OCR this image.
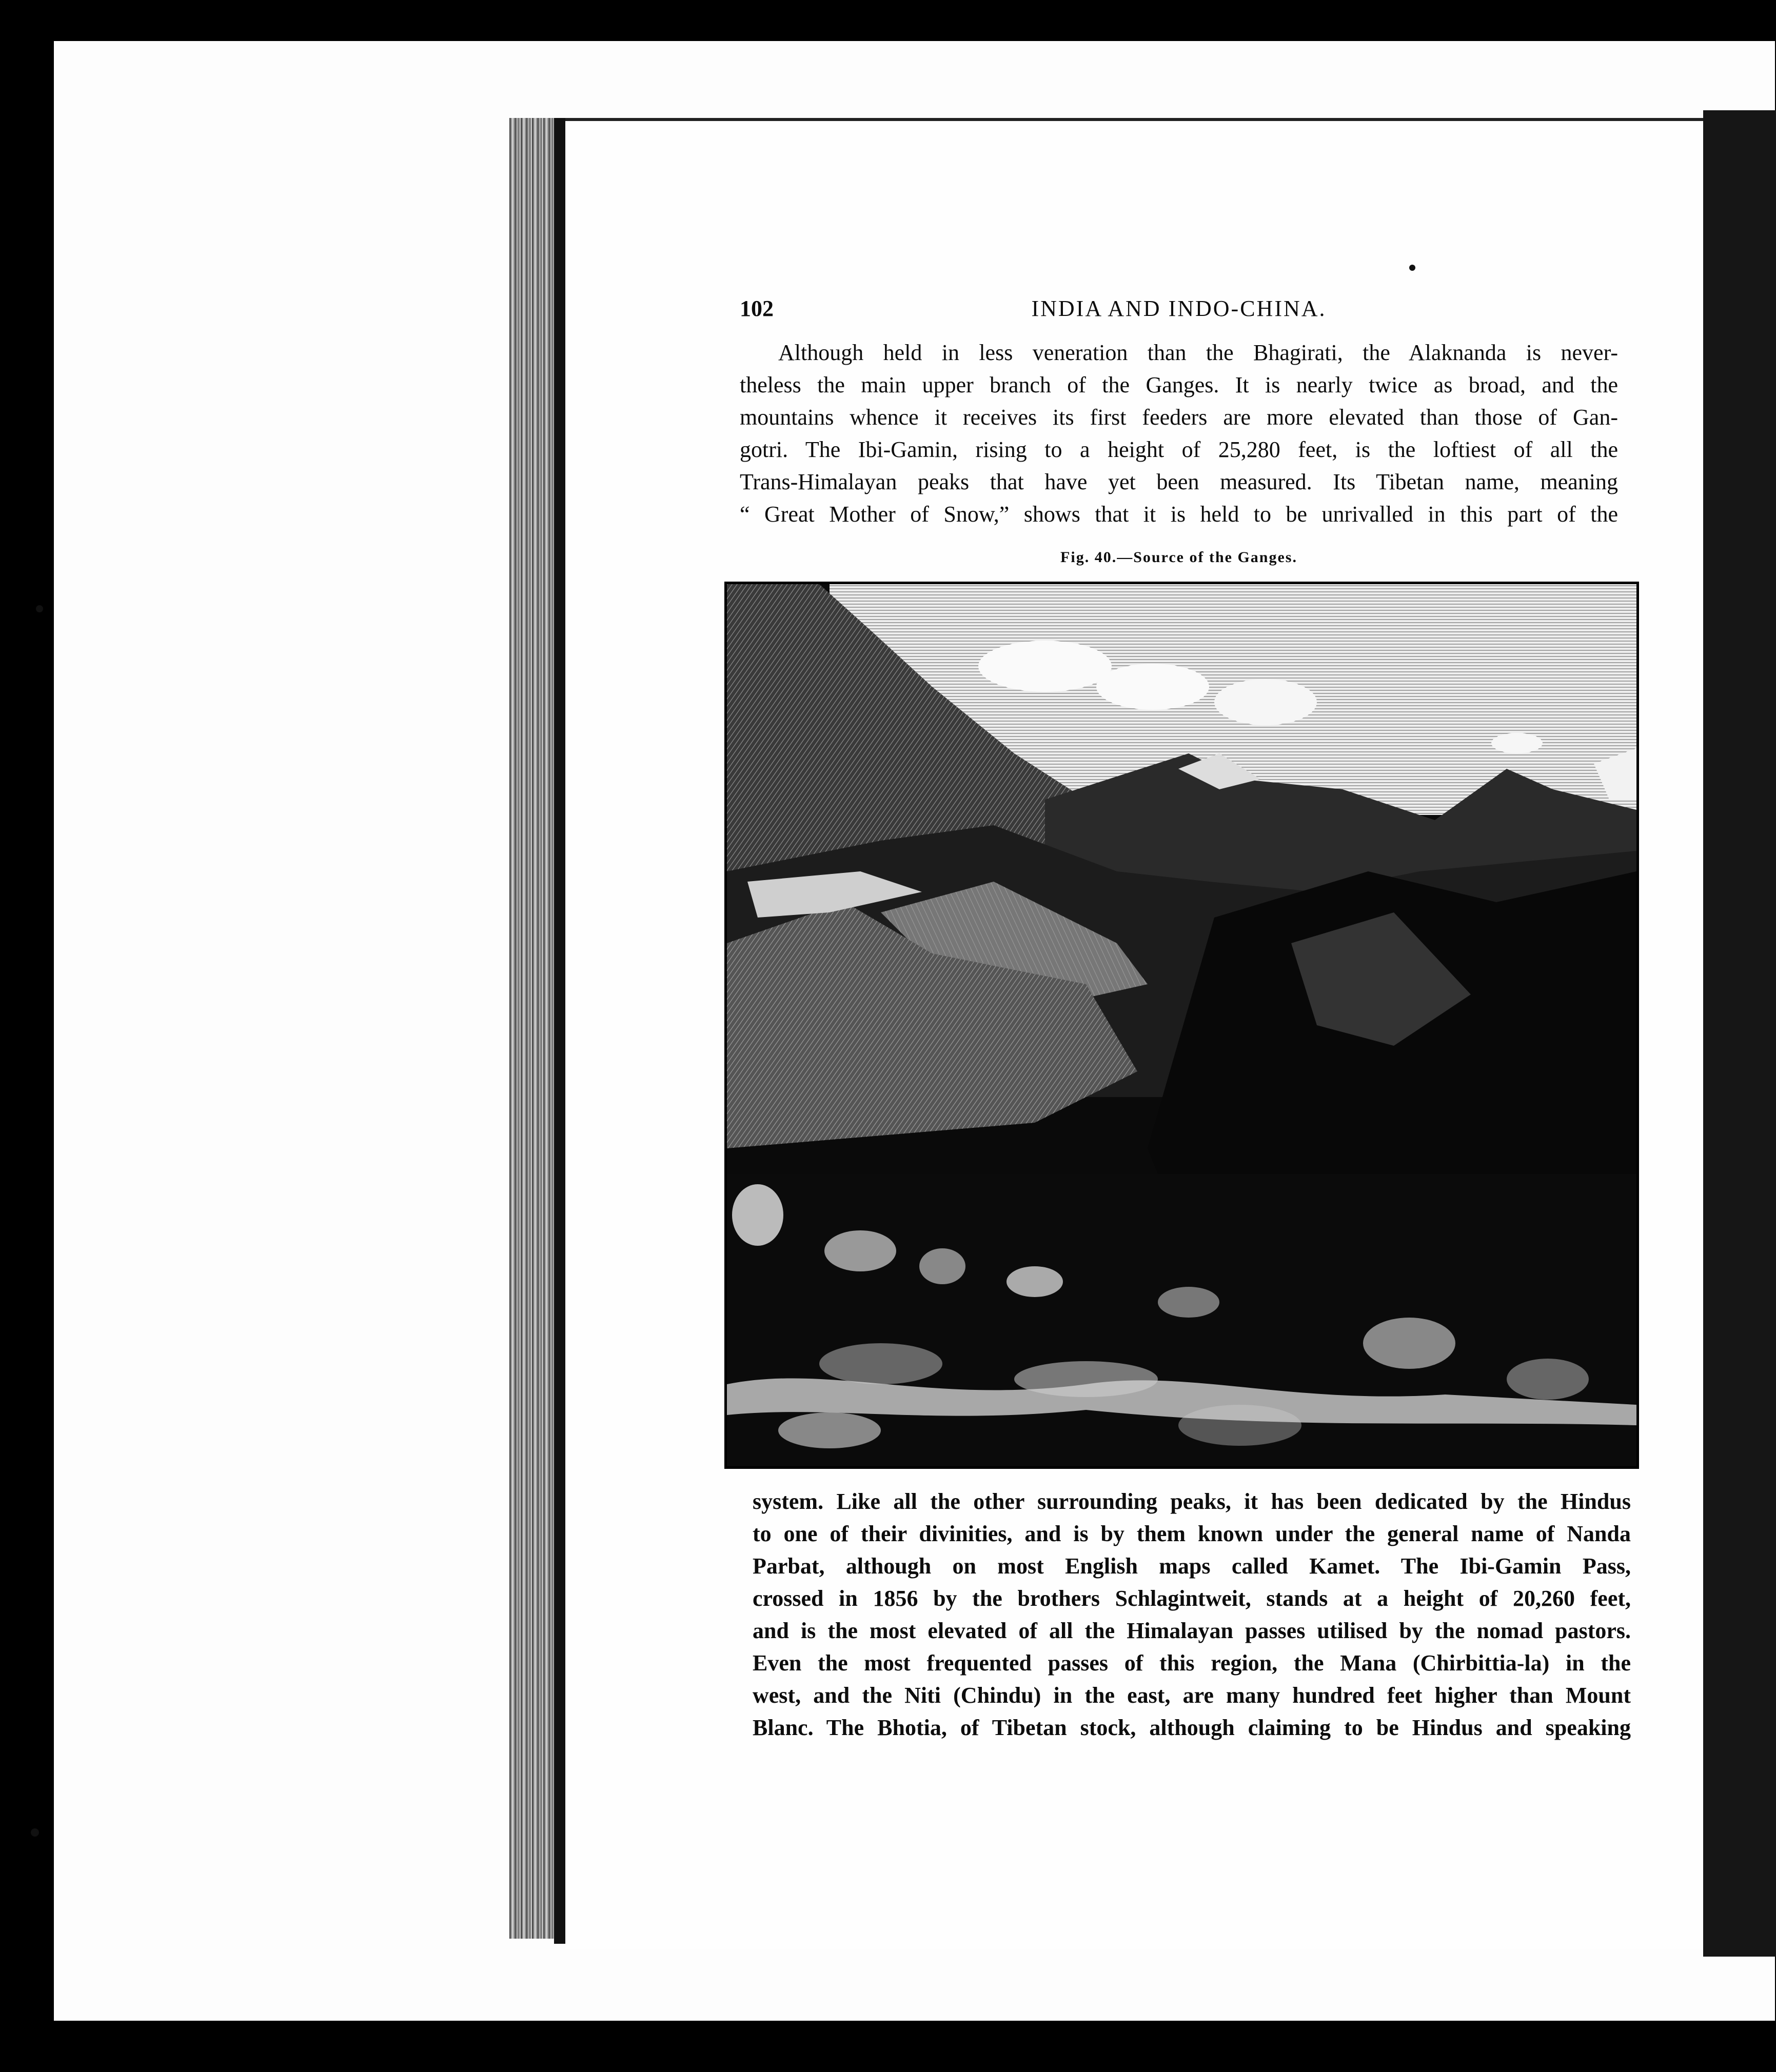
102	INDIA AND INDO-CHINA.
Although held in less veneration than the Bhagirati, the Alaknanda is never-
theless the main upper branch of the Ganges. It is nearly twice as broad, and the
mountains whence it receives its first feeders are more elevated than those of Gan-
gotri. The Ibi-Gamin, rising to a height of 25,280 feet, is the loftiest of all the
Trans-Himalayan peaks that have yet been measured. Its Tibetan name, meaning
“ Great Mother of Snow,” shows that it is held to be unrivalled in this part of the
Fig. 40.—Source of the Ganges.
system. Like all the other surrounding peaks, it has been dedicated by the Hindus
to one of their divinities, and is by them known under the general name of Nanda
Parbat, although on most English maps called Kamet. The Ibi-Gamin Pass,
crossed in 1856 by the brothers Schlagintweit, stands at a height of 20,260 feet,
and is the most elevated of all the Himalayan passes utilised by the nomad pastors.
Even the most frequented passes of this region, the Mana (Chirbittia-la) in the
west, and the Niti (Chindu) in the east, are many hundred feet higher than Mount
Blanc. The Bhotia, of Tibetan stock, although claiming to be Hindus and speaking
